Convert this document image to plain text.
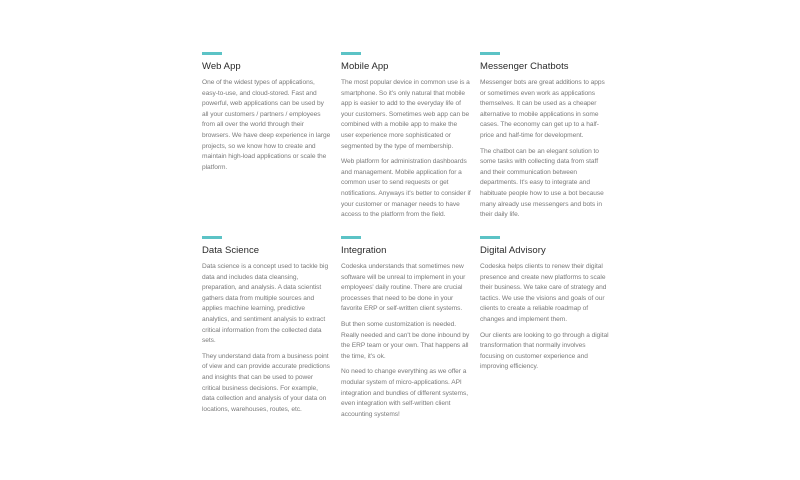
Web App

One of the widest types of applications, easy-to-use, and cloud-stored. Fast and powerful, web applications can be used by all your customers / partners / employees from all over the world through their browsers. We have deep experience in large projects, so we know how to create and maintain high-load applications or scale the platform.

Mobile App

The most popular device in common use is a smartphone. So it's only natural that mobile app is easier to add to the everyday life of your customers. Sometimes web app can be combined with a mobile app to make the user experience more sophisticated or segmented by the type of membership.

Web platform for administration dashboards and management. Mobile application for a common user to send requests or get notifications. Anyways it's better to consider if your customer or manager needs to have access to the platform from the field.

Messenger Chatbots

Messenger bots are great additions to apps or sometimes even work as applications themselves. It can be used as a cheaper alternative to mobile applications in some cases. The economy can get up to a half-price and half-time for development.

The chatbot can be an elegant solution to some tasks with collecting data from staff and their communication between departments. It's easy to integrate and habituate people how to use a bot because many already use messengers and bots in their daily life.

Data Science

Data science is a concept used to tackle big data and includes data cleansing, preparation, and analysis. A data scientist gathers data from multiple sources and applies machine learning, predictive analytics, and sentiment analysis to extract critical information from the collected data sets.

They understand data from a business point of view and can provide accurate predictions and insights that can be used to power critical business decisions. For example, data collection and analysis of your data on locations, warehouses, routes, etc.

Integration

Codeska understands that sometimes new software will be unreal to implement in your employees' daily routine. There are crucial processes that need to be done in your favorite ERP or self-written client systems.

But then some customization is needed. Really needed and can't be done inbound by the ERP team or your own. That happens all the time, it's ok.

No need to change everything as we offer a modular system of micro-applications. API integration and bundles of different systems, even integration with self-written client accounting systems!

Digital Advisory

Codeska helps clients to renew their digital presence and create new platforms to scale their business. We take care of strategy and tactics. We use the visions and goals of our clients to create a reliable roadmap of changes and implement them.

Our clients are looking to go through a digital transformation that normally involves focusing on customer experience and improving efficiency.
